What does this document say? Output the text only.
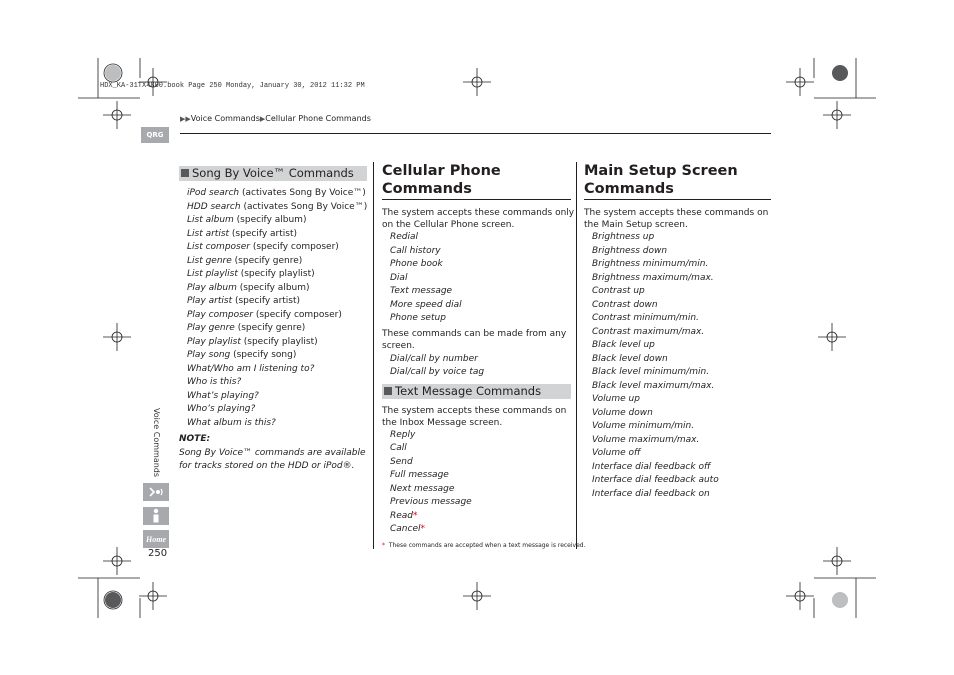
HDX_KA-31TX4800.book Page 250 Monday, January 30, 2012 11:32 PM
▶▶Voice Commands▶Cellular Phone Commands
QRG
Voice Commands
Home
250
Song By Voice™ Commands
iPod search (activates Song By Voice™)
HDD search (activates Song By Voice™)
List album (specify album)
List artist (specify artist)
List composer (specify composer)
List genre (specify genre)
List playlist (specify playlist)
Play album (specify album)
Play artist (specify artist)
Play composer (specify composer)
Play genre (specify genre)
Play playlist (specify playlist)
Play song (specify song)
What/Who am I listening to?
Who is this?
What’s playing?
Who’s playing?
What album is this?
NOTE:
Song By Voice™ commands are available
for tracks stored on the HDD or iPod®.
Cellular Phone Commands
The system accepts these commands only
on the Cellular Phone screen.
Redial
Call history
Phone book
Dial
Text message
More speed dial
Phone setup
These commands can be made from any
screen.
Dial/call by number
Dial/call by voice tag
Text Message Commands
The system accepts these commands on
the Inbox Message screen.
Reply
Call
Send
Full message
Next message
Previous message
Read*
Cancel*
* These commands are accepted when a text message is received.
Main Setup Screen
Commands
The system accepts these commands on
the Main Setup screen.
Brightness up
Brightness down
Brightness minimum/min.
Brightness maximum/max.
Contrast up
Contrast down
Contrast minimum/min.
Contrast maximum/max.
Black level up
Black level down
Black level minimum/min.
Black level maximum/max.
Volume up
Volume down
Volume minimum/min.
Volume maximum/max.
Volume off
Interface dial feedback off
Interface dial feedback auto
Interface dial feedback on
